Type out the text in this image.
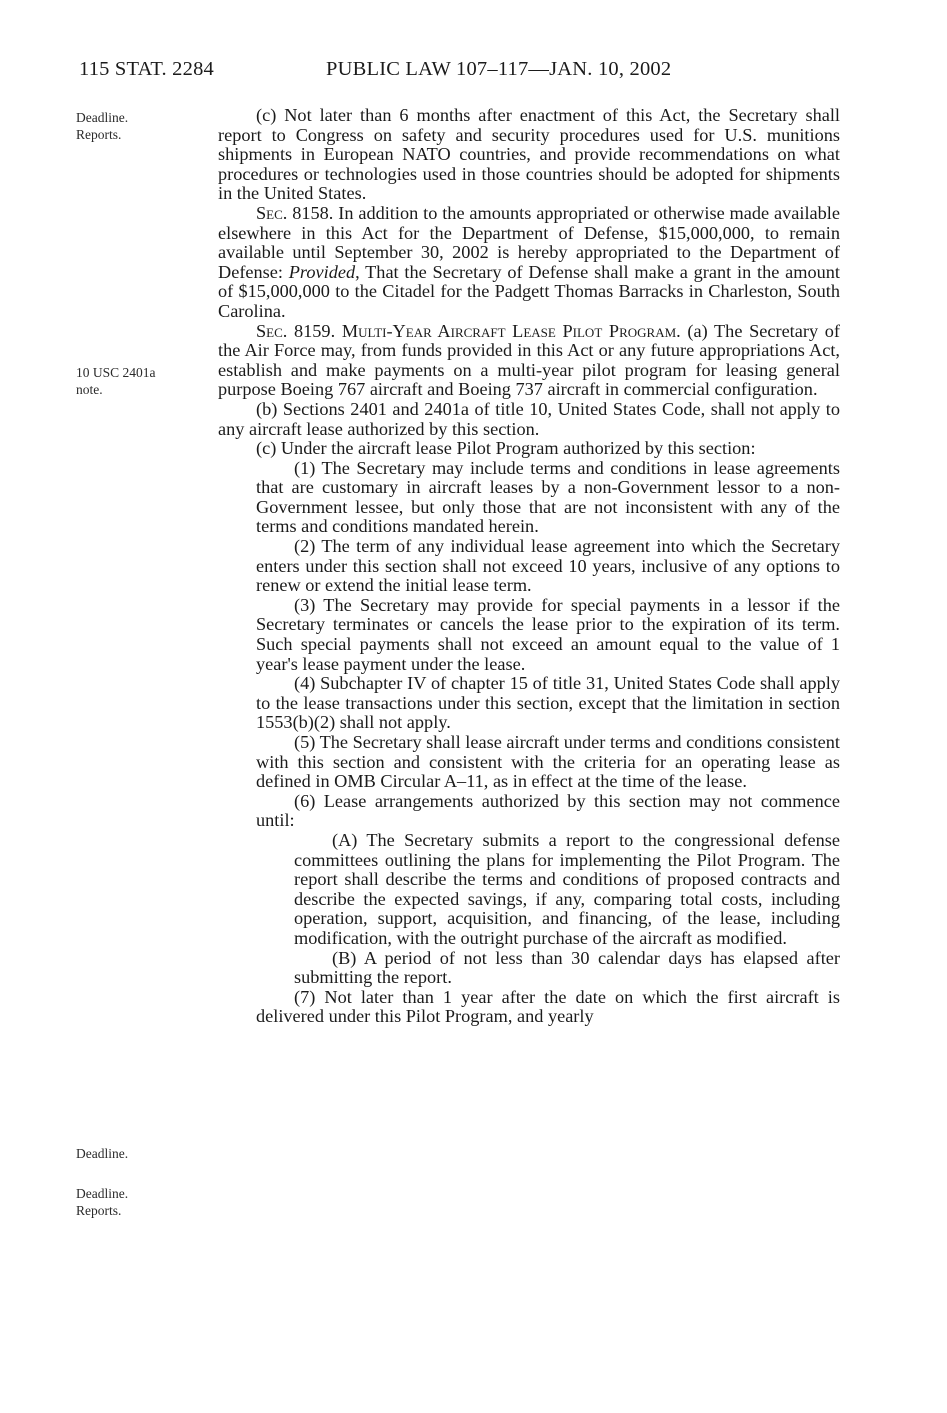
115 STAT. 2284	PUBLIC LAW 107–117—JAN. 10, 2002
Deadline.
Reports.
10 USC 2401a
note.
Deadline.
Deadline.
Reports.

(c) Not later than 6 months after enactment of this Act, the Secretary shall report to Congress on safety and security procedures used for U.S. munitions shipments in European NATO countries, and provide recommendations on what procedures or technologies used in those countries should be adopted for shipments in the United States.

Sec. 8158. In addition to the amounts appropriated or otherwise made available elsewhere in this Act for the Department of Defense, $15,000,000, to remain available until September 30, 2002 is hereby appropriated to the Department of Defense: Provided, That the Secretary of Defense shall make a grant in the amount of $15,000,000 to the Citadel for the Padgett Thomas Barracks in Charleston, South Carolina.

Sec. 8159. Multi-Year Aircraft Lease Pilot Program. (a) The Secretary of the Air Force may, from funds provided in this Act or any future appropriations Act, establish and make payments on a multi-year pilot program for leasing general purpose Boeing 767 aircraft and Boeing 737 aircraft in commercial configuration.

(b) Sections 2401 and 2401a of title 10, United States Code, shall not apply to any aircraft lease authorized by this section.

(c) Under the aircraft lease Pilot Program authorized by this section:

(1) The Secretary may include terms and conditions in lease agreements that are customary in aircraft leases by a non-Government lessor to a non-Government lessee, but only those that are not inconsistent with any of the terms and conditions mandated herein.

(2) The term of any individual lease agreement into which the Secretary enters under this section shall not exceed 10 years, inclusive of any options to renew or extend the initial lease term.

(3) The Secretary may provide for special payments in a lessor if the Secretary terminates or cancels the lease prior to the expiration of its term. Such special payments shall not exceed an amount equal to the value of 1 year's lease payment under the lease.

(4) Subchapter IV of chapter 15 of title 31, United States Code shall apply to the lease transactions under this section, except that the limitation in section 1553(b)(2) shall not apply.

(5) The Secretary shall lease aircraft under terms and conditions consistent with this section and consistent with the criteria for an operating lease as defined in OMB Circular A–11, as in effect at the time of the lease.

(6) Lease arrangements authorized by this section may not commence until:

(A) The Secretary submits a report to the congressional defense committees outlining the plans for implementing the Pilot Program. The report shall describe the terms and conditions of proposed contracts and describe the expected savings, if any, comparing total costs, including operation, support, acquisition, and financing, of the lease, including modification, with the outright purchase of the aircraft as modified.

(B) A period of not less than 30 calendar days has elapsed after submitting the report.

(7) Not later than 1 year after the date on which the first aircraft is delivered under this Pilot Program, and yearly
